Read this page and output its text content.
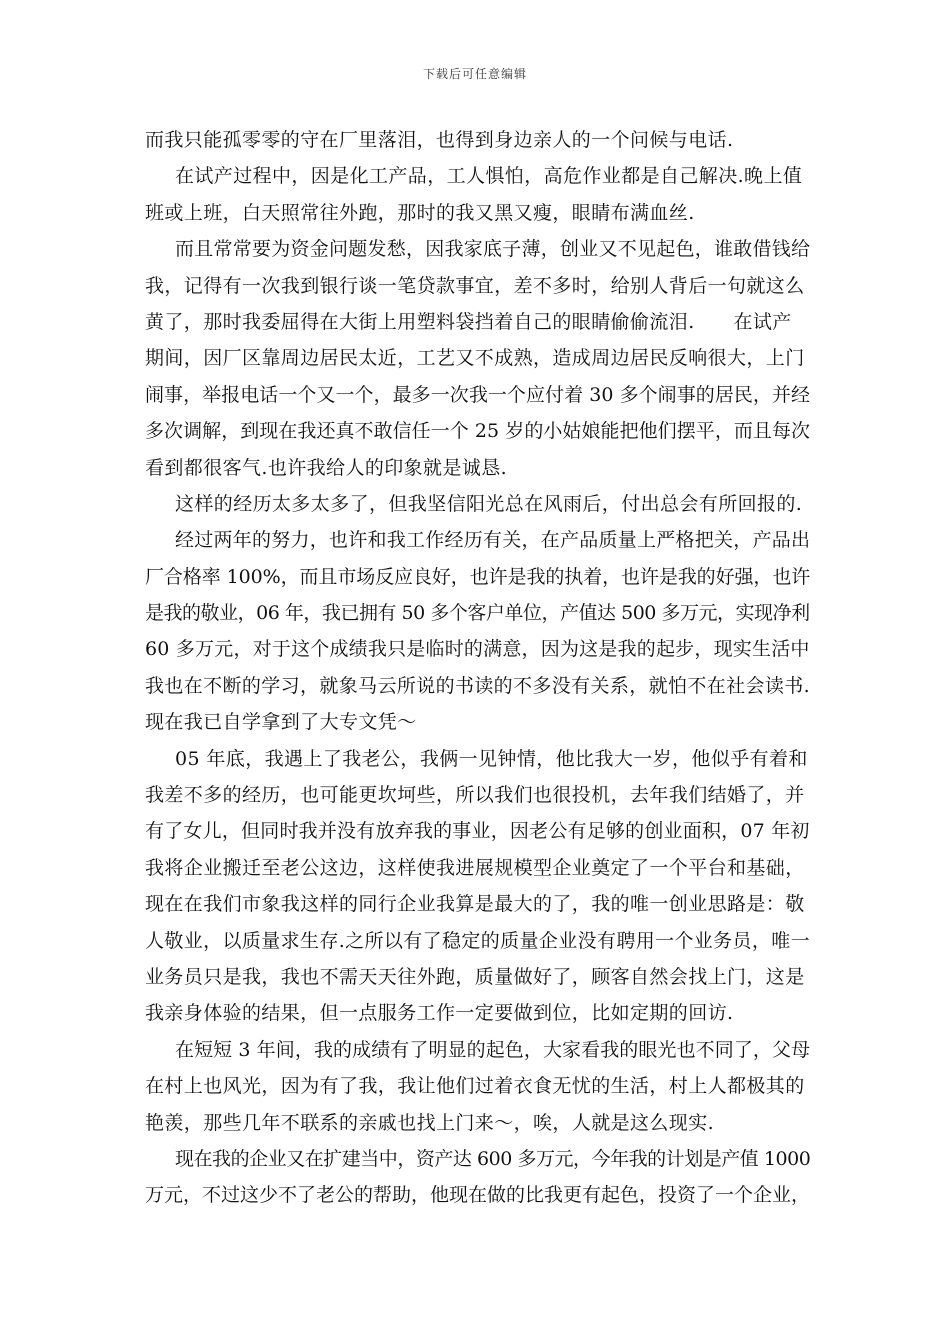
下载后可任意编辑
而我只能孤零零的守在厂里落泪，也得到身边亲人的一个问候与电话.
在试产过程中，因是化工产品，工人惧怕，高危作业都是自己解决.晚上值
班或上班，白天照常往外跑，那时的我又黑又瘦，眼睛布满血丝.
而且常常要为资金问题发愁，因我家底子薄，创业又不见起色，谁敢借钱给
我，记得有一次我到银行谈一笔贷款事宜，差不多时，给别人背后一句就这么
黄了，那时我委屈得在大街上用塑料袋挡着自己的眼睛偷偷流泪.　　在试产
期间，因厂区靠周边居民太近，工艺又不成熟，造成周边居民反响很大，上门
闹事，举报电话一个又一个，最多一次我一个应付着 30 多个闹事的居民，并经
多次调解，到现在我还真不敢信任一个 25 岁的小姑娘能把他们摆平，而且每次
看到都很客气.也许我给人的印象就是诚恳.
这样的经历太多太多了，但我坚信阳光总在风雨后，付出总会有所回报的.
经过两年的努力，也许和我工作经历有关，在产品质量上严格把关，产品出
厂合格率 100%，而且市场反应良好，也许是我的执着，也许是我的好强，也许
是我的敬业，06 年，我已拥有 50 多个客户单位，产值达 500 多万元，实现净利
60 多万元，对于这个成绩我只是临时的满意，因为这是我的起步，现实生活中
我也在不断的学习，就象马云所说的书读的不多没有关系，就怕不在社会读书.
现在我已自学拿到了大专文凭～
05 年底，我遇上了我老公，我俩一见钟情，他比我大一岁，他似乎有着和
我差不多的经历，也可能更坎坷些，所以我们也很投机，去年我们结婚了，并
有了女儿，但同时我并没有放弃我的事业，因老公有足够的创业面积，07 年初
我将企业搬迁至老公这边，这样使我进展规模型企业奠定了一个平台和基础，
现在在我们市象我这样的同行企业我算是最大的了，我的唯一创业思路是：敬
人敬业，以质量求生存.之所以有了稳定的质量企业没有聘用一个业务员，唯一
业务员只是我，我也不需天天往外跑，质量做好了，顾客自然会找上门，这是
我亲身体验的结果，但一点服务工作一定要做到位，比如定期的回访.
在短短 3 年间，我的成绩有了明显的起色，大家看我的眼光也不同了，父母
在村上也风光，因为有了我，我让他们过着衣食无忧的生活，村上人都极其的
艳羡，那些几年不联系的亲戚也找上门来～，唉，人就是这么现实.
现在我的企业又在扩建当中，资产达 600 多万元，今年我的计划是产值 1000
万元，不过这少不了老公的帮助，他现在做的比我更有起色，投资了一个企业，
